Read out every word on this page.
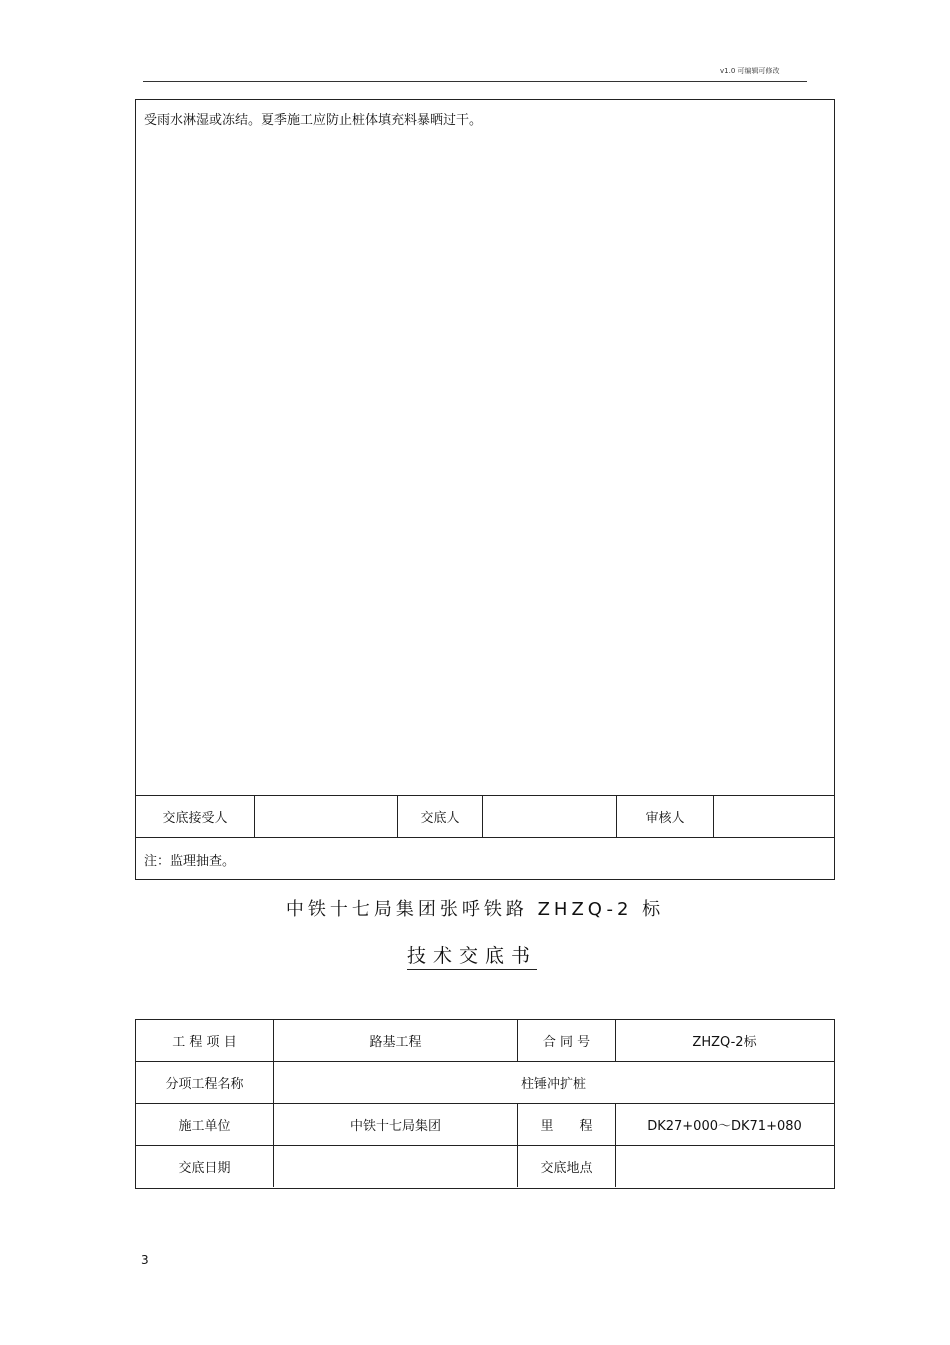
v1.0 可编辑可修改
受雨水淋湿或冻结。夏季施工应防止桩体填充料暴晒过干。
交底接受人	交底人	审核人
注：监理抽查。
中铁十七局集团张呼铁路 ZHZQ-2 标
技术交底书
工 程 项 目	路基工程	合 同 号	ZHZQ-2标
分项工程名称	柱锤冲扩桩
施工单位	中铁十七局集团	里　　程	DK27+000～DK71+080
交底日期	交底地点
3
